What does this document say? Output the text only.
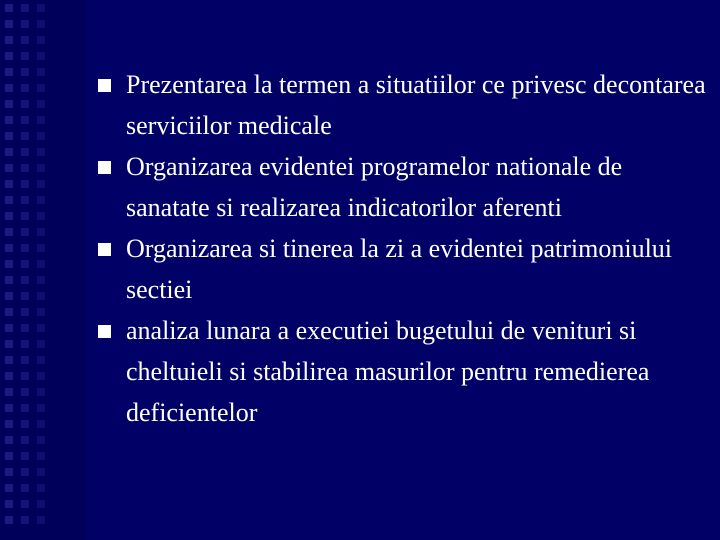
Prezentarea la termen a situatiilor ce privesc decontarea serviciilor medicale
Organizarea evidentei programelor nationale de sanatate si realizarea indicatorilor aferenti
Organizarea si tinerea la zi a evidentei patrimoniului sectiei
analiza lunara a executiei bugetului de venituri si cheltuieli si stabilirea masurilor pentru remedierea deficientelor
